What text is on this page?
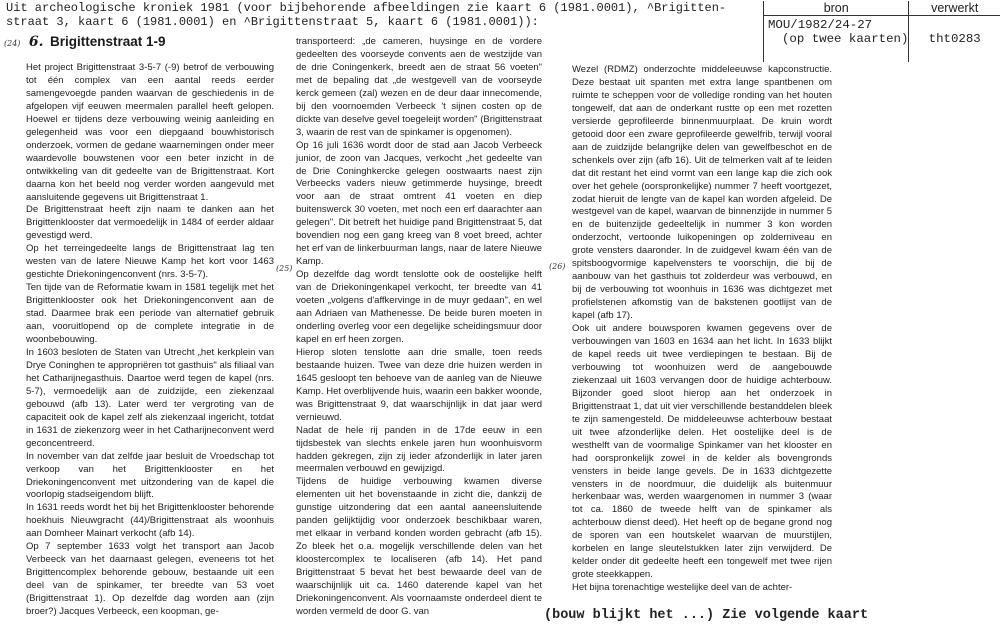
Uit archeologische kroniek 1981 (voor bijbehorende afbeeldingen zie kaart 6 (1981.0001), ^Brigitten-
straat 3, kaart 6 (1981.0001) en ^Brigittenstraat 5, kaart 6 (1981.0001)):
bron	verwerkt

MOU/1982/24-27
(op twee kaarten)	tht0283
(24) 6. Brigittenstraat 1-9

Het project Brigittenstraat 3-5-7 (-9) betrof de verbouwing tot één complex van een aantal reeds eerder samengevoegde panden waarvan de geschiedenis in de afgelopen vijf eeuwen meermalen parallel heeft gelopen. Hoewel er tijdens deze verbouwing weinig aanleiding en gelegenheid was voor een diepgaand bouwhistorisch onderzoek, vormen de gedane waarnemingen onder meer waardevolle bouwstenen voor een beter inzicht in de ontwikkeling van dit gedeelte van de Brigittenstraat. Kort daarna kon het beeld nog verder worden aangevuld met aansluitende gegevens uit Brigittenstraat 1.

De Brigittenstraat heeft zijn naam te danken aan het Brigittenklooster dat vermoedelijk in 1484 of eerder aldaar gevestigd werd.

Op het terreingedeelte langs de Brigittenstraat lag ten westen van de latere Nieuwe Kamp het kort voor 1463 gestichte Driekoningenconvent (nrs. 3-5-7).

Ten tijde van de Reformatie kwam in 1581 tegelijk met het Brigittenklooster ook het Driekoningenconvent aan de stad. Daarmee brak een periode van alternatief gebruik aan, vooruitlopend op de complete integratie in de woonbebouwing.

In 1603 besloten de Staten van Utrecht „het kerkplein van Drye Coninghen te appropriëren tot gasthuis" als filiaal van het Catharijnegasthuis. Daartoe werd tegen de kapel (nrs. 5-7), vermoedelijk aan de zuidzijde, een ziekenzaal gebouwd (afb 13). Later werd ter vergroting van de capaciteit ook de kapel zelf als ziekenzaal ingericht, totdat in 1631 de ziekenzorg weer in het Catharijneconvent werd geconcentreerd.

In november van dat zelfde jaar besluit de Vroedschap tot verkoop van het Brigittenklooster en het Driekoningenconvent met uitzondering van de kapel die voorlopig stadseigendom blijft.

In 1631 reeds wordt het bij het Brigittenklooster behorende hoekhuis Nieuwgracht (44)/Brigittenstraat als woonhuis aan Domheer Mainart verkocht (afb 14).

Op 7 september 1633 volgt het transport aan Jacob Verbeeck van het daarnaast gelegen, eveneens tot het Brigittencomplex behorende gebouw, bestaande uit een deel van de spinkamer, ter breedte van 53 voet (Brigittenstraat 1). Op dezelfde dag worden aan (zijn broer?) Jacques Verbeeck, een koopman, ge-

(25)

transporteerd: „de cameren, huysinge en de vordere gedeelten des voorseyde convents aen de westzijde van de drie Coningenkerk, breedt aen de straat 56 voeten" met de bepaling dat „de westgevell van de voorseyde kerck gemeen (zal) wezen en de deur daar innecomende, bij den voornoemden Verbeeck 't sijnen costen op de dickte van deselve gevel toegeleijt worden" (Brigittenstraat 3, waarin de rest van de spinkamer is opgenomen).

Op 16 juli 1636 wordt door de stad aan Jacob Verbeeck junior, de zoon van Jacques, verkocht „het gedeelte van de Drie Coninghkercke gelegen oostwaarts naest zijn Verbeecks vaders nieuw getimmerde huysinge, breedt voor aan de straat omtrent 41 voeten en diep buitenswerck 30 voeten, met noch een erf daarachter aan gelegen". Dit betreft het huidige pand Brigittenstraat 5, dat bovendien nog een gang kreeg van 8 voet breed, achter het erf van de linkerbuurman langs, naar de latere Nieuwe Kamp.

Op dezelfde dag wordt tenslotte ook de oostelijke helft van de Driekoningenkapel verkocht, ter breedte van 41 voeten „volgens d'affkervinge in de muyr gedaan", en wel aan Adriaen van Mathenesse. De beide buren moeten in onderling overleg voor een degelijke scheidingsmuur door kapel en erf heen zorgen.

Hierop sloten tenslotte aan drie smalle, toen reeds bestaande huizen. Twee van deze drie huizen werden in 1645 gesloopt ten behoeve van de aanleg van de Nieuwe Kamp. Het overblijvende huis, waarin een bakker woonde, was Brigittenstraat 9, dat waarschijnlijk in dat jaar werd vernieuwd.

Nadat de hele rij panden in de 17de eeuw in een tijdsbestek van slechts enkele jaren hun woonhuisvorm hadden gekregen, zijn zij ieder afzonderlijk in later jaren meermalen verbouwd en gewijzigd.

Tijdens de huidige verbouwing kwamen diverse elementen uit het bovenstaande in zicht die, dankzij de gunstige uitzondering dat een aantal aaneensluitende panden gelijktijdig voor onderzoek beschikbaar waren, met elkaar in verband konden worden gebracht (afb 15). Zo bleek het o.a. mogelijk verschillende delen van het kloostercomplex te localiseren (afb 14). Het pand Brigittenstraat 5 bevat het best bewaarde deel van de waarschijnlijk uit ca. 1460 daterende kapel van het Driekoningenconvent. Als voornaamste onderdeel dient te worden vermeld de door G. van

(26)

Wezel (RDMZ) onderzochte middeleeuwse kapconstructie. Deze bestaat uit spanten met extra lange spantbenen om ruimte te scheppen voor de volledige ronding van het houten tongewelf, dat aan de onderkant rustte op een met rozetten versierde geprofileerde binnenmuurplaat. De kruin wordt getooid door een zware geprofileerde gewelfrib, terwijl vooral aan de zuidzijde belangrijke delen van gewelfbeschot en de schenkels over zijn (afb 16). Uit de telmerken valt af te leiden dat dit restant het eind vormt van een lange kap die zich ook over het gehele (oorspronkelijke) nummer 7 heeft voortgezet, zodat hieruit de lengte van de kapel kan worden afgeleid. De westgevel van de kapel, waarvan de binnenzijde in nummer 5 en de buitenzijde gedeeltelijk in nummer 3 kon worden onderzocht, vertoonde luikopeningen op zolderniveau en grote vensters daaronder. In de zuidgevel kwam één van de spitsboogvormige kapelvensters te voorschijn, die bij de aanbouw van het gasthuis tot zolderdeur was verbouwd, en bij de verbouwing tot woonhuis in 1636 was dichtgezet met profielstenen afkomstig van de bakstenen gootlijst van de kapel (afb 17).

Ook uit andere bouwsporen kwamen gegevens over de verbouwingen van 1603 en 1634 aan het licht. In 1633 blijkt de kapel reeds uit twee verdiepingen te bestaan. Bij de verbouwing tot woonhuizen werd de aangebouwde ziekenzaal uit 1603 vervangen door de huidige achterbouw. Bijzonder goed sloot hierop aan het onderzoek in Brigittenstraat 1, dat uit vier verschillende bestanddelen bleek te zijn samengesteld. De middeleeuwse achterbouw bestaat uit twee afzonderlijke delen. Het oostelijke deel is de westhelft van de voormalige Spinkamer van het klooster en had oorspronkelijk zowel in de kelder als bovengronds vensters in beide lange gevels. De in 1633 dichtgezette vensters in de noordmuur, die duidelijk als buitenmuur herkenbaar was, werden waargenomen in nummer 3 (waar tot ca. 1860 de tweede helft van de spinkamer als achterbouw dienst deed). Het heeft op de begane grond nog de sporen van een houtskelet waarvan de muurstijlen, korbelen en lange sleutelstukken later zijn verwijderd. De kelder onder dit gedeelte heeft een tongewelf met twee rijen grote steekkappen.

Het bijna torenachtige westelijke deel van de achter-

(bouw blijkt het ...) Zie volgende kaart
